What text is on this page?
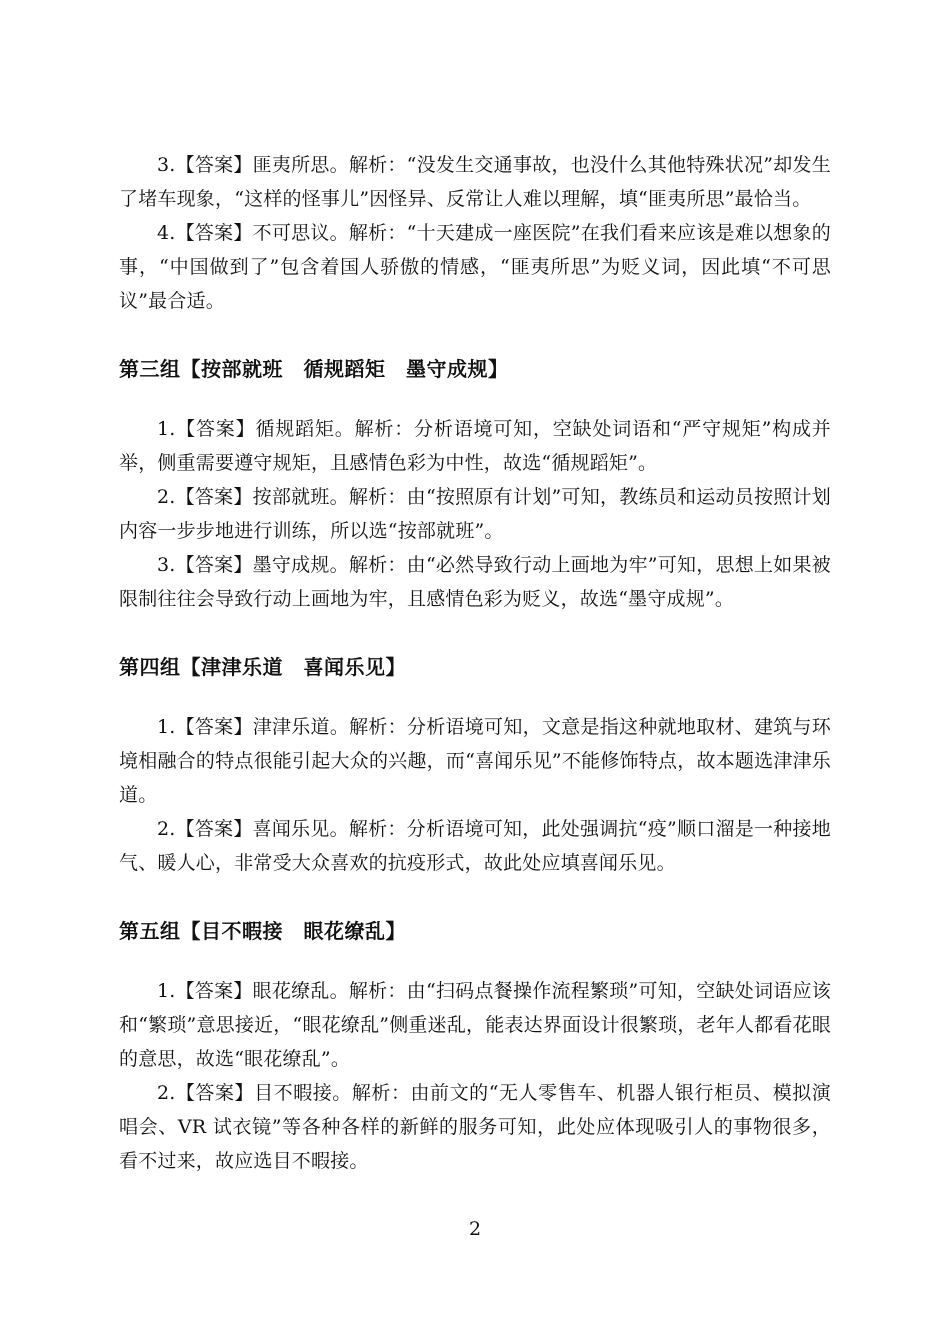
3.【答案】匪夷所思。解析：“没发生交通事故，也没什么其他特殊状况”却发生了堵车现象，“这样的怪事儿”因怪异、反常让人难以理解，填“匪夷所思”最恰当。

4.【答案】不可思议。解析：“十天建成一座医院”在我们看来应该是难以想象的事，“中国做到了”包含着国人骄傲的情感，“匪夷所思”为贬义词，因此填“不可思议”最合适。

第三组【按部就班　循规蹈矩　墨守成规】

1.【答案】循规蹈矩。解析：分析语境可知，空缺处词语和“严守规矩”构成并举，侧重需要遵守规矩，且感情色彩为中性，故选“循规蹈矩”。

2.【答案】按部就班。解析：由“按照原有计划”可知，教练员和运动员按照计划内容一步步地进行训练，所以选“按部就班”。

3.【答案】墨守成规。解析：由“必然导致行动上画地为牢”可知，思想上如果被限制往往会导致行动上画地为牢，且感情色彩为贬义，故选“墨守成规”。

第四组【津津乐道　喜闻乐见】

1.【答案】津津乐道。解析：分析语境可知，文意是指这种就地取材、建筑与环境相融合的特点很能引起大众的兴趣，而“喜闻乐见”不能修饰特点，故本题选津津乐道。

2.【答案】喜闻乐见。解析：分析语境可知，此处强调抗“疫”顺口溜是一种接地气、暖人心，非常受大众喜欢的抗疫形式，故此处应填喜闻乐见。

第五组【目不暇接　眼花缭乱】

1.【答案】眼花缭乱。解析：由“扫码点餐操作流程繁琐”可知，空缺处词语应该和“繁琐”意思接近，“眼花缭乱”侧重迷乱，能表达界面设计很繁琐，老年人都看花眼的意思，故选“眼花缭乱”。

2.【答案】目不暇接。解析：由前文的“无人零售车、机器人银行柜员、模拟演唱会、VR 试衣镜”等各种各样的新鲜的服务可知，此处应体现吸引人的事物很多，看不过来，故应选目不暇接。

2
